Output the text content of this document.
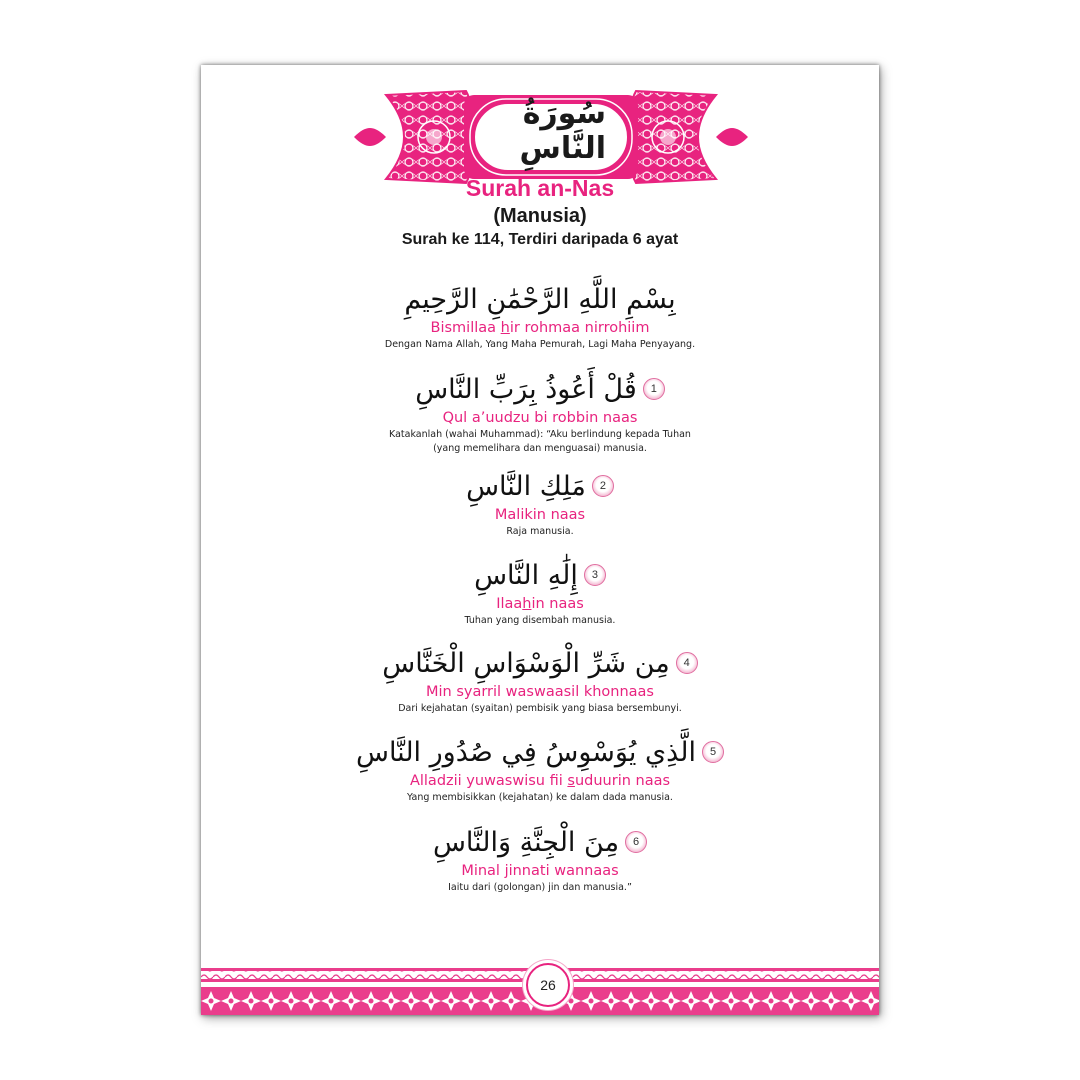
سُورَةُ النَّاسِ
Surah an-Nas
(Manusia)
Surah ke 114, Terdiri daripada 6 ayat
بِسْمِ اللَّهِ الرَّحْمَٰنِ الرَّحِيمِ
Bismillaa hir rohmaa nirrohiim
Dengan Nama Allah, Yang Maha Pemurah, Lagi Maha Penyayang.
قُلْ أَعُوذُ بِرَبِّ النَّاسِ	1
Qul a’uudzu bi robbin naas
Katakanlah (wahai Muhammad): “Aku berlindung kepada Tuhan
(yang memelihara dan menguasai) manusia.
مَلِكِ النَّاسِ	2
Malikin naas
Raja manusia.
إِلَٰهِ النَّاسِ	3
Ilaahin naas
Tuhan yang disembah manusia.
مِن شَرِّ الْوَسْوَاسِ الْخَنَّاسِ	4
Min syarril waswaasil khonnaas
Dari kejahatan (syaitan) pembisik yang biasa bersembunyi.
الَّذِي يُوَسْوِسُ فِي صُدُورِ النَّاسِ	5
Alladzii yuwaswisu fii suduurin naas
Yang membisikkan (kejahatan) ke dalam dada manusia.
مِنَ الْجِنَّةِ وَالنَّاسِ	6
Minal jinnati wannaas
Iaitu dari (golongan) jin dan manusia.”
26
